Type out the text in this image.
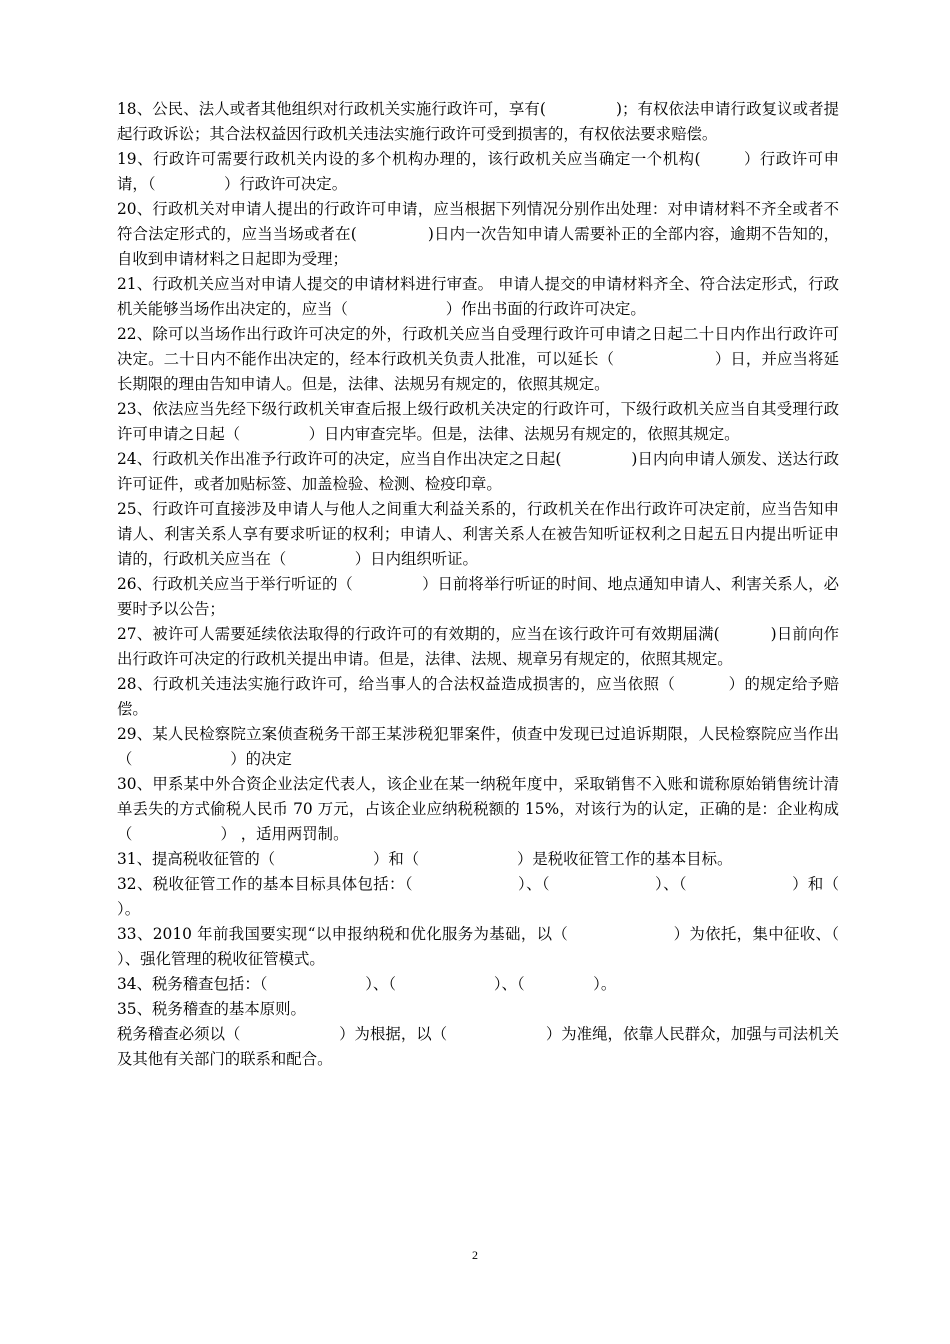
18、公民、法人或者其他组织对行政机关实施行政许可，享有(              )；有权依法申请行政复议或者提起行政诉讼；其合法权益因行政机关违法实施行政许可受到损害的，有权依法要求赔偿。

19、行政许可需要行政机关内设的多个机构办理的，该行政机关应当确定一个机构(        ）行政许可申请，（              ）行政许可决定。

20、行政机关对申请人提出的行政许可申请，应当根据下列情况分别作出处理：对申请材料不齐全或者不符合法定形式的，应当当场或者在(              )日内一次告知申请人需要补正的全部内容，逾期不告知的，自收到申请材料之日起即为受理；

21、行政机关应当对申请人提交的申请材料进行审查。 申请人提交的申请材料齐全、符合法定形式，行政机关能够当场作出决定的，应当（                    ）作出书面的行政许可决定。

22、除可以当场作出行政许可决定的外，行政机关应当自受理行政许可申请之日起二十日内作出行政许可决定。二十日内不能作出决定的，经本行政机关负责人批准，可以延长（                    ）日，并应当将延长期限的理由告知申请人。但是，法律、法规另有规定的，依照其规定。

23、依法应当先经下级行政机关审查后报上级行政机关决定的行政许可，下级行政机关应当自其受理行政许可申请之日起（              ）日内审查完毕。但是，法律、法规另有规定的，依照其规定。

24、行政机关作出准予行政许可的决定，应当自作出决定之日起(              )日内向申请人颁发、送达行政许可证件，或者加贴标签、加盖检验、检测、检疫印章。

25、行政许可直接涉及申请人与他人之间重大利益关系的，行政机关在作出行政许可决定前，应当告知申请人、利害关系人享有要求听证的权利；申请人、利害关系人在被告知听证权利之日起五日内提出听证申请的，行政机关应当在（              ）日内组织听证。

26、行政机关应当于举行听证的（              ）日前将举行听证的时间、地点通知申请人、利害关系人，必要时予以公告；

27、被许可人需要延续依法取得的行政许可的有效期的，应当在该行政许可有效期届满(          )日前向作出行政许可决定的行政机关提出申请。但是，法律、法规、规章另有规定的，依照其规定。

28、行政机关违法实施行政许可，给当事人的合法权益造成损害的，应当依照（          ）的规定给予赔偿。

29、某人民检察院立案侦查税务干部王某涉税犯罪案件，侦查中发现已过追诉期限，人民检察院应当作出（                    ）的决定

30、甲系某中外合资企业法定代表人，该企业在某一纳税年度中，采取销售不入账和谎称原始销售统计清单丢失的方式偷税人民币 70 万元，占该企业应纳税税额的 15%，对该行为的认定，正确的是：企业构成（                  ） ，适用两罚制。

31、提高税收征管的（                    ）和（                    ）是税收征管工作的基本目标。

32、税收征管工作的基本目标具体包括：（                    ）、（                    ）、（                    ）和（                ）。

33、2010 年前我国要实现“以申报纳税和优化服务为基础，以（                    ）为依托，集中征收、（                    ）、强化管理的税收征管模式。

34、税务稽查包括：（                    ）、（                    ）、（              ）。

35、税务稽查的基本原则。

税务稽查必须以（                    ）为根据，以（                    ）为准绳，依靠人民群众，加强与司法机关及其他有关部门的联系和配合。

2
